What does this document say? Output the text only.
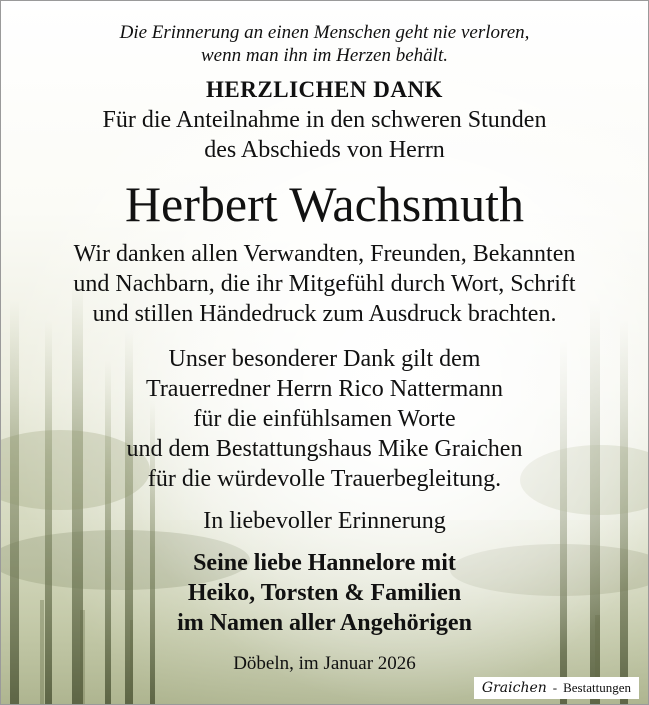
Die Erinnerung an einen Menschen geht nie verloren,
wenn man ihn im Herzen behält.
HERZLICHEN DANK
Für die Anteilnahme in den schweren Stunden
des Abschieds von Herrn
Herbert Wachsmuth
Wir danken allen Verwandten, Freunden, Bekannten
und Nachbarn, die ihr Mitgefühl durch Wort, Schrift
und stillen Händedruck zum Ausdruck brachten.
Unser besonderer Dank gilt dem
Trauerredner Herrn Rico Nattermann
für die einfühlsamen Worte
und dem Bestattungshaus Mike Graichen
für die würdevolle Trauerbegleitung.
In liebevoller Erinnerung
Seine liebe Hannelore mit
Heiko, Torsten & Familien
im Namen aller Angehörigen
Döbeln, im Januar 2026
Graichen - Bestattungen
